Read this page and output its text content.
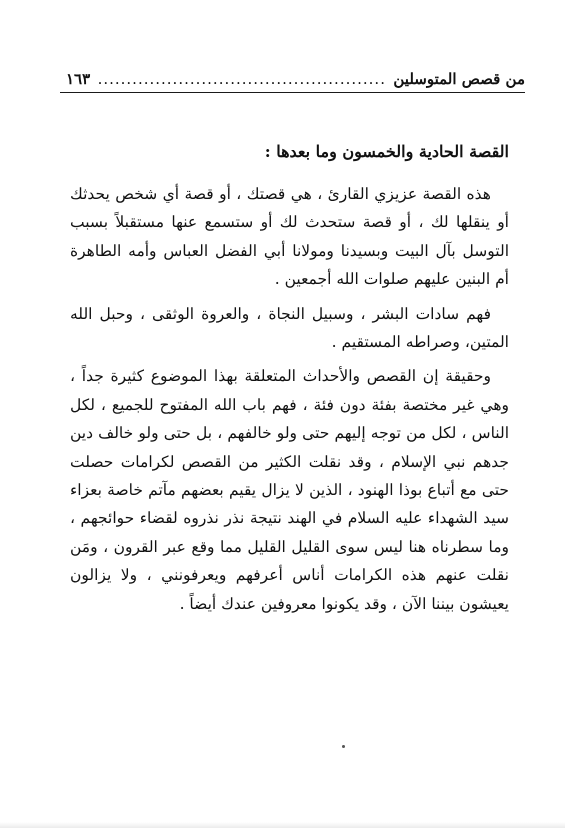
من قصص المتوسلين
..................................................
١٦٣
القصة الحادية والخمسون وما بعدها :

هذه القصة عزيزي القارئ ، هي قصتك ، أو قصة أي شخص يحدثك أو ينقلها لك ، أو قصة ستحدث لك أو ستسمع عنها مستقبلاً بسبب التوسل بآل البيت وبسيدنا ومولانا أبي الفضل العباس وأمه الطاهرة أم البنين عليهم صلوات الله أجمعين .

فهم سادات البشر ، وسبيل النجاة ، والعروة الوثقى ، وحبل الله المتين، وصراطه المستقيم .

وحقيقة إن القصص والأحداث المتعلقة بهذا الموضوع كثيرة جداً ، وهي غير مختصة بفئة دون فئة ، فهم باب الله المفتوح للجميع ، لكل الناس ، لكل من توجه إليهم حتى ولو خالفهم ، بل حتى ولو خالف دين جدهم نبي الإسلام ، وقد نقلت الكثير من القصص لكرامات حصلت حتى مع أتباع بوذا الهنود ، الذين لا يزال يقيم بعضهم مآتم خاصة بعزاء سيد الشهداء عليه السلام في الهند نتيجة نذر نذروه لقضاء حوائجهم ، وما سطرناه هنا ليس سوى القليل القليل مما وقع عبر القرون ، ومَن نقلت عنهم هذه الكرامات أناس أعرفهم ويعرفونني ، ولا يزالون يعيشون بيننا الآن ، وقد يكونوا معروفين عندك أيضاً .
